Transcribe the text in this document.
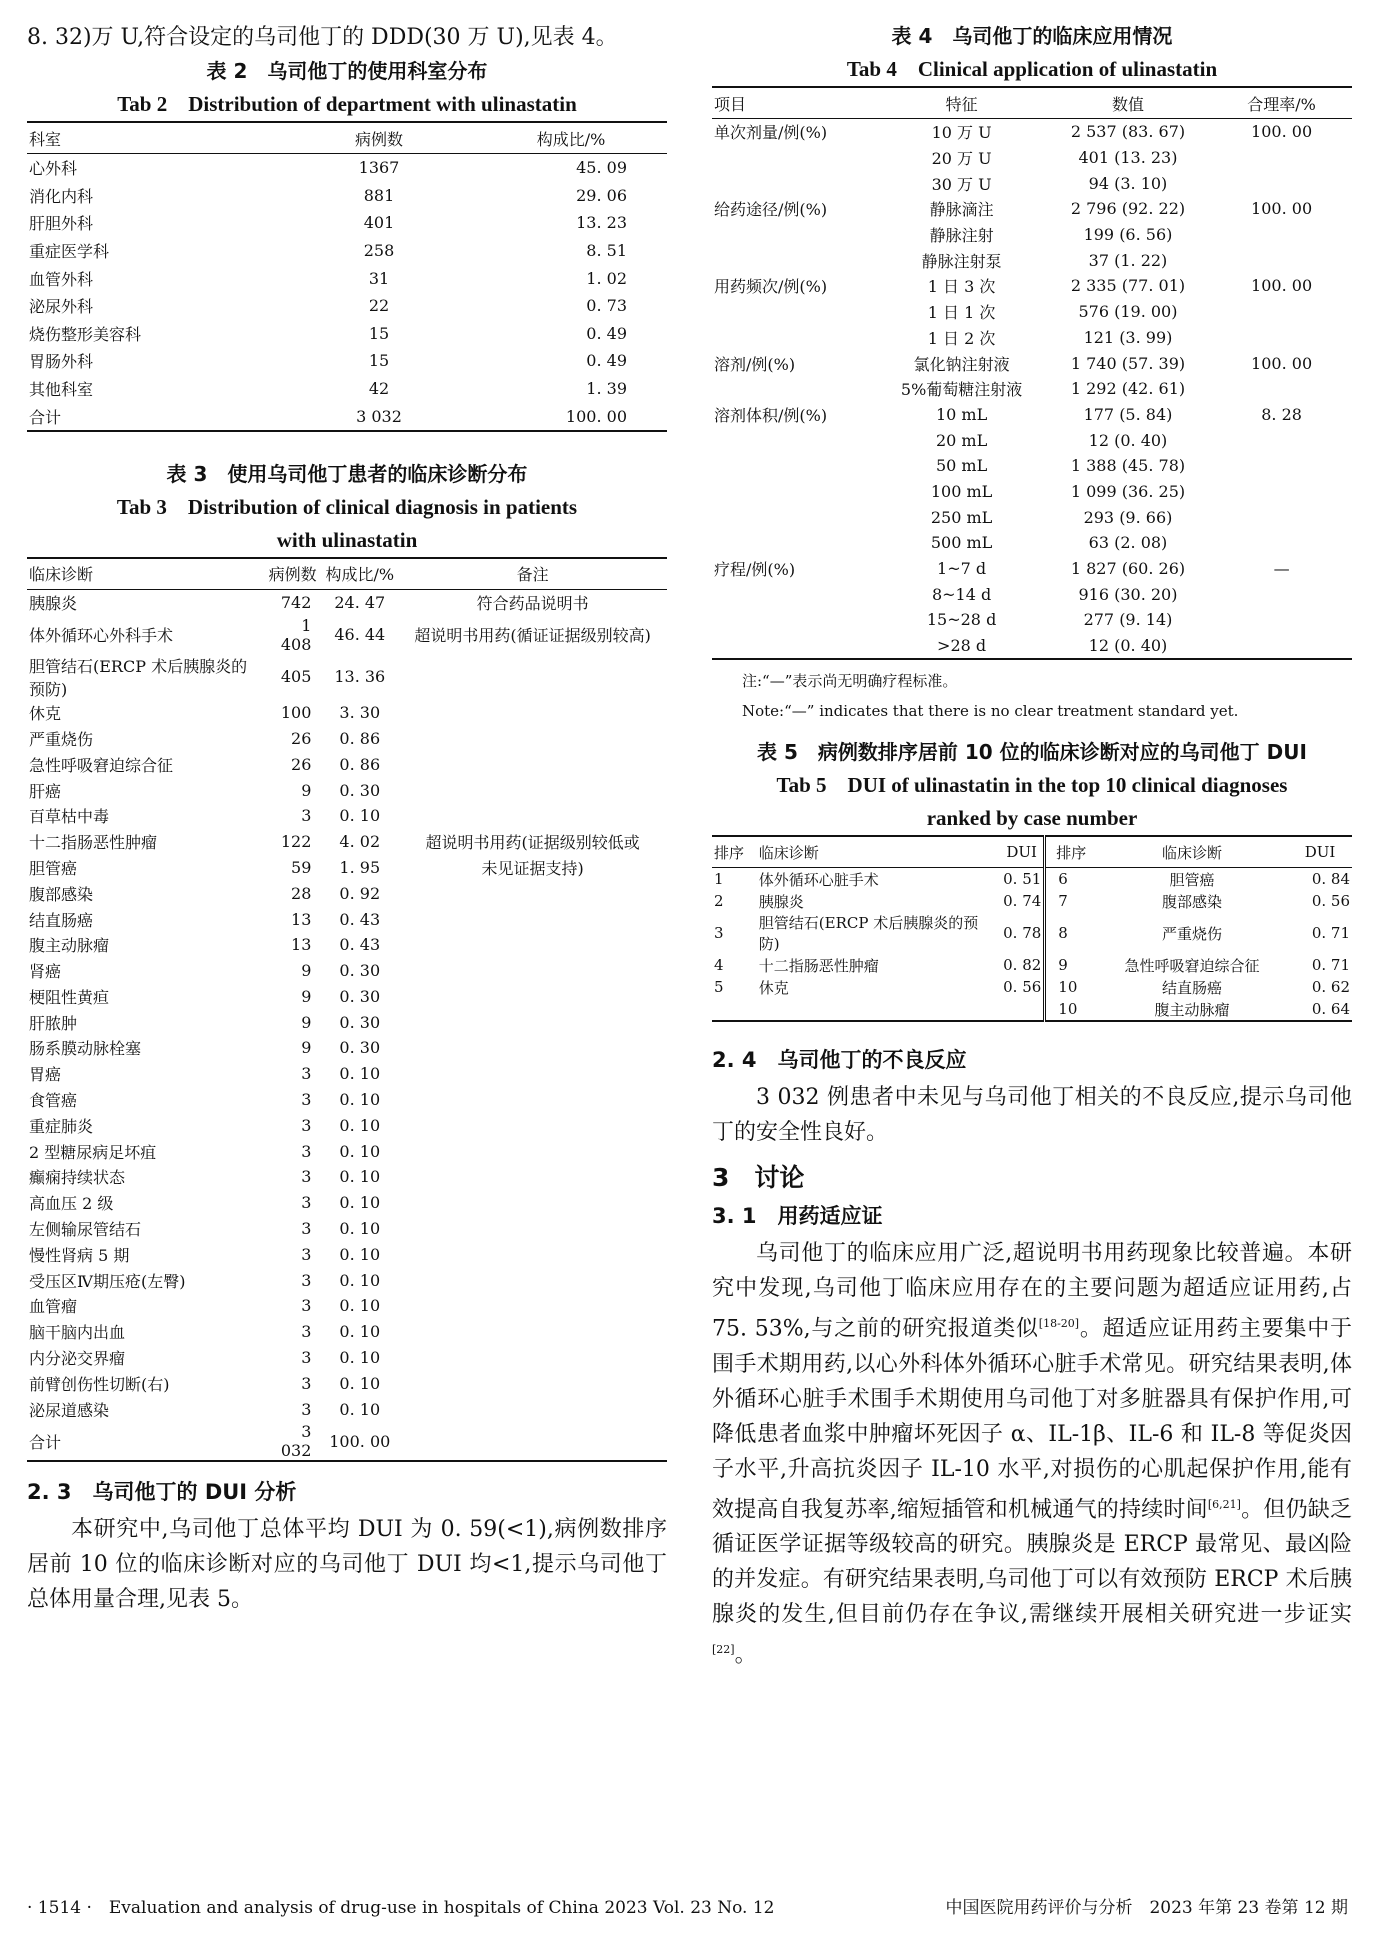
8. 32)万 U,符合设定的乌司他丁的 DDD(30 万 U),见表 4。

表 2　乌司他丁的使用科室分布

Tab 2　Distribution of department with ulinastatin

科室	病例数	构成比/%
心外科	1367	45. 09
消化内科	881	29. 06
肝胆外科	401	13. 23
重症医学科	258	8. 51
血管外科	31	1. 02
泌尿外科	22	0. 73
烧伤整形美容科	15	0. 49
胃肠外科	15	0. 49
其他科室	42	1. 39
合计	3 032	100. 00

表 3　使用乌司他丁患者的临床诊断分布

Tab 3　Distribution of clinical diagnosis in patients

with ulinastatin

临床诊断	病例数	构成比/%	备注
胰腺炎	742	24. 47	符合药品说明书
体外循环心外科手术	1 408	46. 44	超说明书用药(循证证据级别较高)
胆管结石(ERCP 术后胰腺炎的预防)	405	13. 36	
休克	100	3. 30	
严重烧伤	26	0. 86	
急性呼吸窘迫综合征	26	0. 86	
肝癌	9	0. 30	
百草枯中毒	3	0. 10	
十二指肠恶性肿瘤	122	4. 02	超说明书用药(证据级别较低或
胆管癌	59	1. 95	未见证据支持)
腹部感染	28	0. 92	
结直肠癌	13	0. 43	
腹主动脉瘤	13	0. 43	
肾癌	9	0. 30	
梗阻性黄疸	9	0. 30	
肝脓肿	9	0. 30	
肠系膜动脉栓塞	9	0. 30	
胃癌	3	0. 10	
食管癌	3	0. 10	
重症肺炎	3	0. 10	
2 型糖尿病足坏疽	3	0. 10	
癫痫持续状态	3	0. 10	
高血压 2 级	3	0. 10	
左侧输尿管结石	3	0. 10	
慢性肾病 5 期	3	0. 10	
受压区Ⅳ期压疮(左臀)	3	0. 10	
血管瘤	3	0. 10	
脑干脑内出血	3	0. 10	
内分泌交界瘤	3	0. 10	
前臂创伤性切断(右)	3	0. 10	
泌尿道感染	3	0. 10	
合计	3 032	100. 00	

2. 3　乌司他丁的 DUI 分析

本研究中,乌司他丁总体平均 DUI 为 0. 59(<1),病例数排序居前 10 位的临床诊断对应的乌司他丁 DUI 均<1,提示乌司他丁总体用量合理,见表 5。

表 4　乌司他丁的临床应用情况

Tab 4　Clinical application of ulinastatin

项目	特征	数值	合理率/%
单次剂量/例(%)	10 万 U	2 537 (83. 67)	100. 00
	20 万 U	401 (13. 23)	
	30 万 U	94 (3. 10)	
给药途径/例(%)	静脉滴注	2 796 (92. 22)	100. 00
	静脉注射	199 (6. 56)	
	静脉注射泵	37 (1. 22)	
用药频次/例(%)	1 日 3 次	2 335 (77. 01)	100. 00
	1 日 1 次	576 (19. 00)	
	1 日 2 次	121 (3. 99)	
溶剂/例(%)	氯化钠注射液	1 740 (57. 39)	100. 00
	5%葡萄糖注射液	1 292 (42. 61)	
溶剂体积/例(%)	10 mL	177 (5. 84)	8. 28
	20 mL	12 (0. 40)	
	50 mL	1 388 (45. 78)	
	100 mL	1 099 (36. 25)	
	250 mL	293 (9. 66)	
	500 mL	63 (2. 08)	
疗程/例(%)	1~7 d	1 827 (60. 26)	—
	8~14 d	916 (30. 20)	
	15~28 d	277 (9. 14)	
	>28 d	12 (0. 40)	

注:“—”表示尚无明确疗程标准。

Note:“—” indicates that there is no clear treatment standard yet.

表 5　病例数排序居前 10 位的临床诊断对应的乌司他丁 DUI

Tab 5　DUI of ulinastatin in the top 10 clinical diagnoses

ranked by case number

排序	临床诊断	DUI	排序	临床诊断	DUI
1	体外循环心脏手术	0. 51	6	胆管癌	0. 84
2	胰腺炎	0. 74	7	腹部感染	0. 56
3	胆管结石(ERCP 术后胰腺炎的预防)	0. 78	8	严重烧伤	0. 71
4	十二指肠恶性肿瘤	0. 82	9	急性呼吸窘迫综合征	0. 71
5	休克	0. 56	10	结直肠癌	0. 62
			10	腹主动脉瘤	0. 64

2. 4　乌司他丁的不良反应

3 032 例患者中未见与乌司他丁相关的不良反应,提示乌司他丁的安全性良好。

3　讨论

3. 1　用药适应证

乌司他丁的临床应用广泛,超说明书用药现象比较普遍。本研究中发现,乌司他丁临床应用存在的主要问题为超适应证用药,占 75. 53%,与之前的研究报道类似[18-20]。超适应证用药主要集中于围手术期用药,以心外科体外循环心脏手术常见。研究结果表明,体外循环心脏手术围手术期使用乌司他丁对多脏器具有保护作用,可降低患者血浆中肿瘤坏死因子 α、IL-1β、IL-6 和 IL-8 等促炎因子水平,升高抗炎因子 IL-10 水平,对损伤的心肌起保护作用,能有效提高自我复苏率,缩短插管和机械通气的持续时间[6,21]。但仍缺乏循证医学证据等级较高的研究。胰腺炎是 ERCP 最常见、最凶险的并发症。有研究结果表明,乌司他丁可以有效预防 ERCP 术后胰腺炎的发生,但目前仍存在争议,需继续开展相关研究进一步证实[22]。

· 1514 ·　Evaluation and analysis of drug-use in hospitals of China 2023 Vol. 23 No. 12	中国医院用药评价与分析　2023 年第 23 卷第 12 期
